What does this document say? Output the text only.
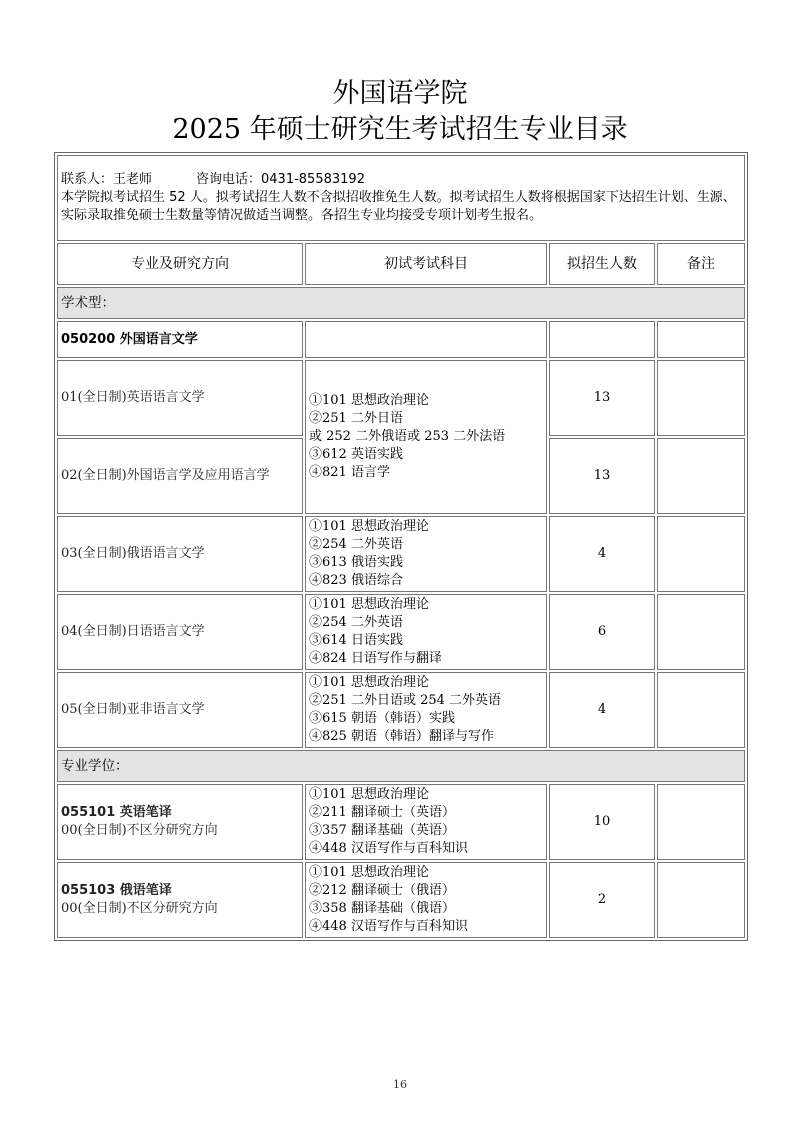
外国语学院
2025 年硕士研究生考试招生专业目录
联系人：王老师 咨询电话：0431-85583192
本学院拟考试招生 52 人。拟考试招生人数不含拟招收推免生人数。拟考试招生人数将根据国家下达招生计划、生源、实际录取推免硕士生数量等情况做适当调整。各招生专业均接受专项计划考生报名。			
专业及研究方向	初试考试科目	拟招生人数	备注
学术型：			
050200 外国语言文学			
01(全日制)英语语言文学	①101 思想政治理论
②251 二外日语
或 252 二外俄语或 253 二外法语
③612 英语实践
④821 语言学	13	
02(全日制)外国语言学及应用语言学		13	
03(全日制)俄语语言文学	①101 思想政治理论
②254 二外英语
③613 俄语实践
④823 俄语综合	4	
04(全日制)日语语言文学	①101 思想政治理论
②254 二外英语
③614 日语实践
④824 日语写作与翻译	6	
05(全日制)亚非语言文学	①101 思想政治理论
②251 二外日语或 254 二外英语
③615 朝语（韩语）实践
④825 朝语（韩语）翻译与写作	4	
专业学位：			
055101 英语笔译
00(全日制)不区分研究方向	①101 思想政治理论
②211 翻译硕士（英语）
③357 翻译基础（英语）
④448 汉语写作与百科知识	10	
055103 俄语笔译
00(全日制)不区分研究方向	①101 思想政治理论
②212 翻译硕士（俄语）
③358 翻译基础（俄语）
④448 汉语写作与百科知识	2	
16
